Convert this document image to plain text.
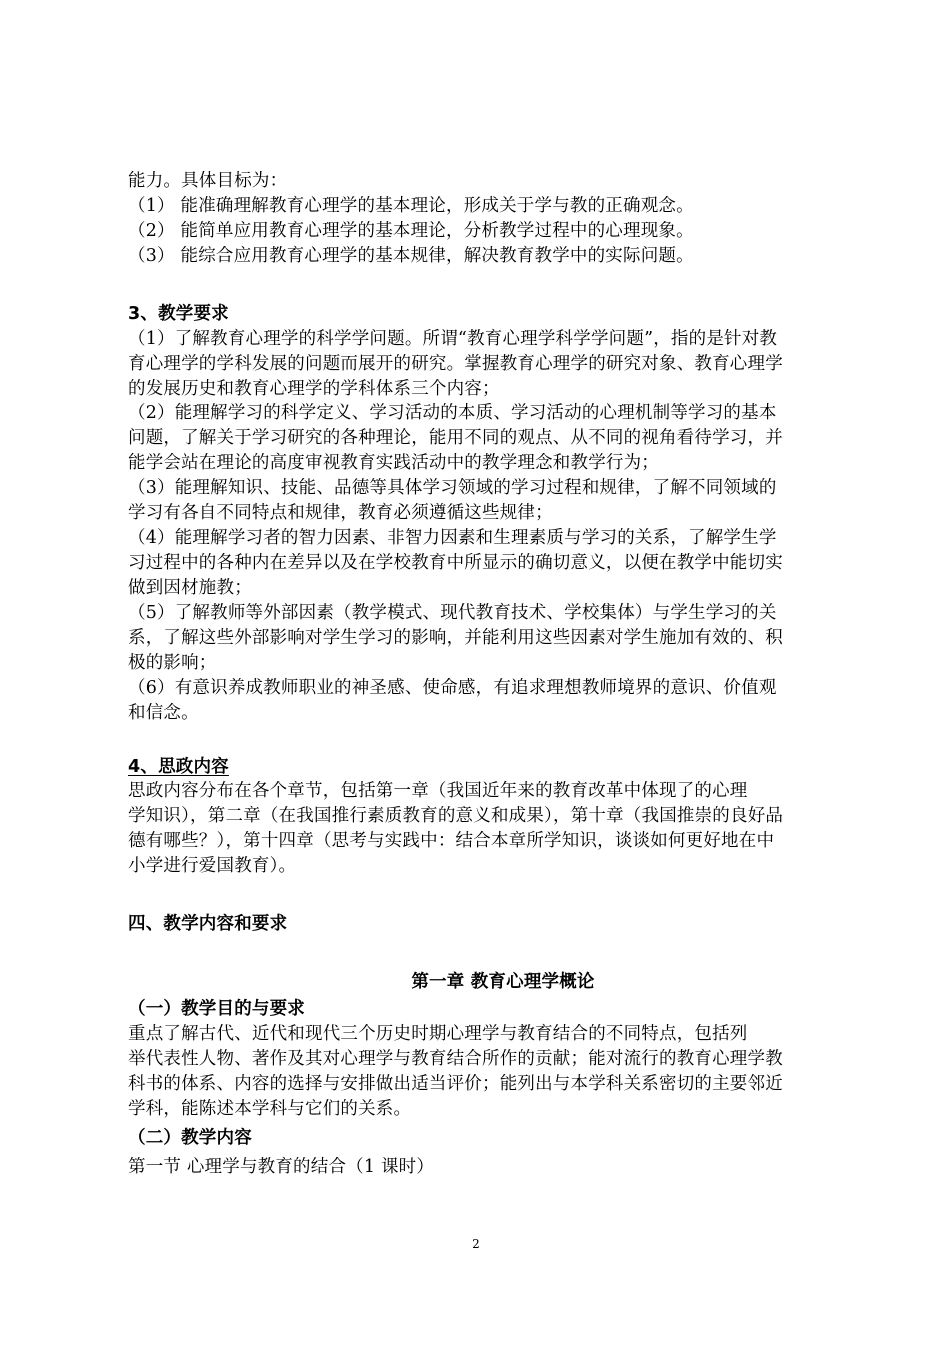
能力。具体目标为：
（1） 能准确理解教育心理学的基本理论，形成关于学与教的正确观念。
（2） 能简单应用教育心理学的基本理论，分析教学过程中的心理现象。
（3） 能综合应用教育心理学的基本规律，解决教育教学中的实际问题。
3、教学要求
（1）了解教育心理学的科学学问题。所谓“教育心理学科学学问题”，指的是针对教
育心理学的学科发展的问题而展开的研究。掌握教育心理学的研究对象、教育心理学
的发展历史和教育心理学的学科体系三个内容；
（2）能理解学习的科学定义、学习活动的本质、学习活动的心理机制等学习的基本
问题，了解关于学习研究的各种理论，能用不同的观点、从不同的视角看待学习，并
能学会站在理论的高度审视教育实践活动中的教学理念和教学行为；
（3）能理解知识、技能、品德等具体学习领域的学习过程和规律，了解不同领域的
学习有各自不同特点和规律，教育必须遵循这些规律；
（4）能理解学习者的智力因素、非智力因素和生理素质与学习的关系，了解学生学
习过程中的各种内在差异以及在学校教育中所显示的确切意义，以便在教学中能切实
做到因材施教；
（5）了解教师等外部因素（教学模式、现代教育技术、学校集体）与学生学习的关
系，了解这些外部影响对学生学习的影响，并能利用这些因素对学生施加有效的、积
极的影响；
（6）有意识养成教师职业的神圣感、使命感，有追求理想教师境界的意识、价值观
和信念。
4、思政内容
思政内容分布在各个章节，包括第一章（我国近年来的教育改革中体现了的心理
学知识），第二章（在我国推行素质教育的意义和成果），第十章（我国推崇的良好品
德有哪些？），第十四章（思考与实践中：结合本章所学知识，谈谈如何更好地在中
小学进行爱国教育）。
四、教学内容和要求
第一章 教育心理学概论
（一）教学目的与要求
重点了解古代、近代和现代三个历史时期心理学与教育结合的不同特点，包括列
举代表性人物、著作及其对心理学与教育结合所作的贡献；能对流行的教育心理学教
科书的体系、内容的选择与安排做出适当评价；能列出与本学科关系密切的主要邻近
学科，能陈述本学科与它们的关系。
（二）教学内容
第一节 心理学与教育的结合（1 课时）
2
